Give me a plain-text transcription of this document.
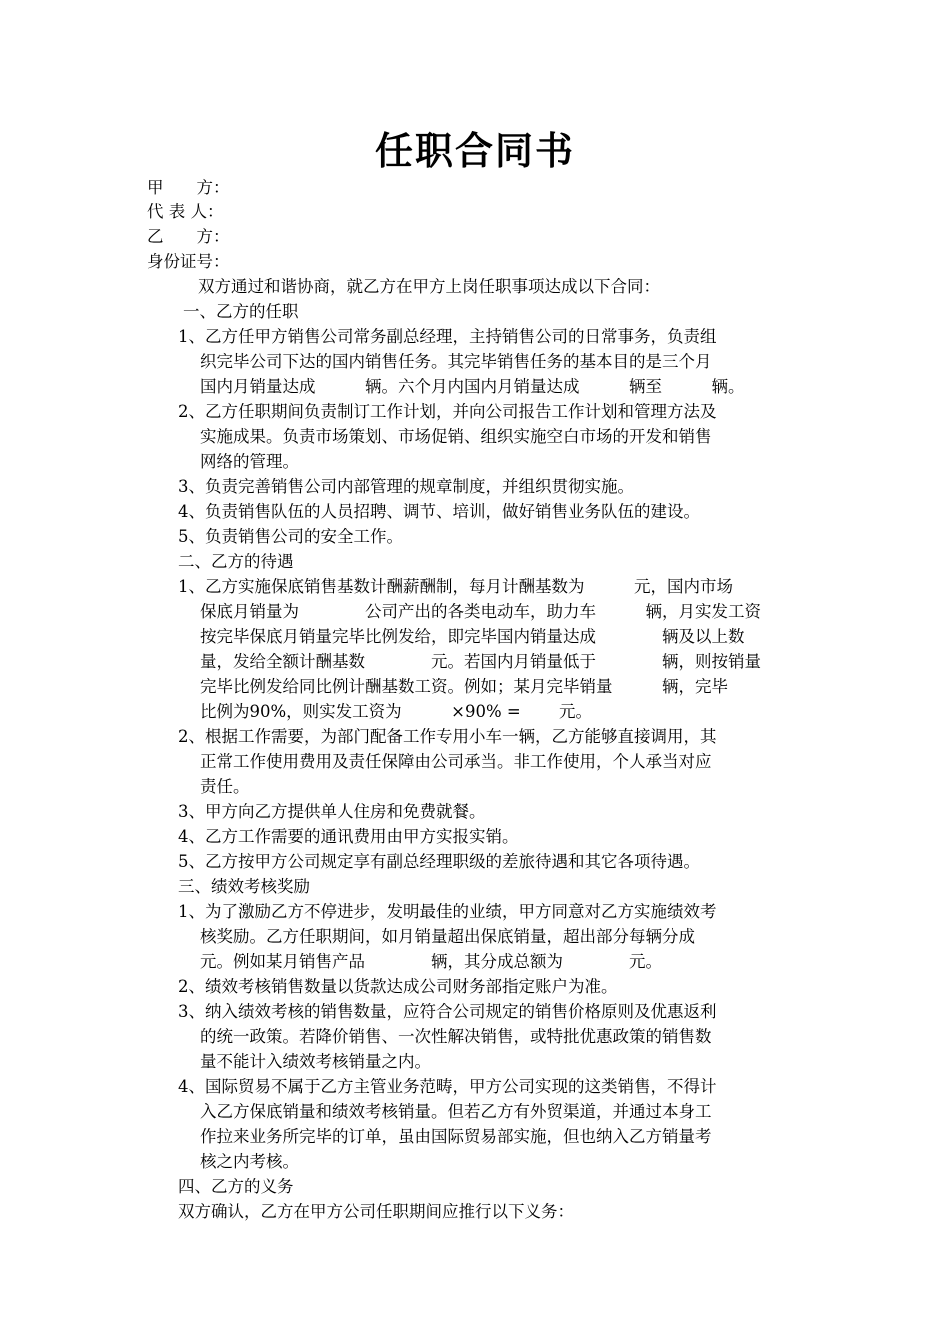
任职合同书

甲　　方：

代 表 人：

乙　　方：

身份证号：

双方通过和谐协商，就乙方在甲方上岗任职事项达成以下合同：

一、乙方的任职

1、乙方任甲方销售公司常务副总经理，主持销售公司的日常事务，负责组

织完毕公司下达的国内销售任务。其完毕销售任务的基本目的是三个月

国内月销量达成　　　辆。六个月内国内月销量达成　　　辆至　　　辆。

2、乙方任职期间负责制订工作计划，并向公司报告工作计划和管理方法及

实施成果。负责市场策划、市场促销、组织实施空白市场的开发和销售

网络的管理。

3、负责完善销售公司内部管理的规章制度，并组织贯彻实施。

4、负责销售队伍的人员招聘、调节、培训，做好销售业务队伍的建设。

5、负责销售公司的安全工作。

二、乙方的待遇

1、乙方实施保底销售基数计酬薪酬制，每月计酬基数为　　　元，国内市场

保底月销量为　　　　公司产出的各类电动车，助力车　　　辆，月实发工资

按完毕保底月销量完毕比例发给，即完毕国内销量达成　　　　辆及以上数

量，发给全额计酬基数　　　　元。若国内月销量低于　　　　辆，则按销量

完毕比例发给同比例计酬基数工资。例如；某月完毕销量　　　辆，完毕

比例为90%，则实发工资为　　　×90% =　　 元。

2、根据工作需要，为部门配备工作专用小车一辆，乙方能够直接调用，其

正常工作使用费用及责任保障由公司承当。非工作使用，个人承当对应

责任。

3、甲方向乙方提供单人住房和免费就餐。

4、乙方工作需要的通讯费用由甲方实报实销。

5、乙方按甲方公司规定享有副总经理职级的差旅待遇和其它各项待遇。

三、绩效考核奖励

1、为了激励乙方不停进步，发明最佳的业绩，甲方同意对乙方实施绩效考

核奖励。乙方任职期间，如月销量超出保底销量，超出部分每辆分成

元。例如某月销售产品　　　　辆，其分成总额为　　　　元。

2、绩效考核销售数量以货款达成公司财务部指定账户为准。

3、纳入绩效考核的销售数量，应符合公司规定的销售价格原则及优惠返利

的统一政策。若降价销售、一次性解决销售，或特批优惠政策的销售数

量不能计入绩效考核销量之内。

4、国际贸易不属于乙方主管业务范畴，甲方公司实现的这类销售，不得计

入乙方保底销量和绩效考核销量。但若乙方有外贸渠道，并通过本身工

作拉来业务所完毕的订单，虽由国际贸易部实施，但也纳入乙方销量考

核之内考核。

四、乙方的义务

双方确认，乙方在甲方公司任职期间应推行以下义务：
